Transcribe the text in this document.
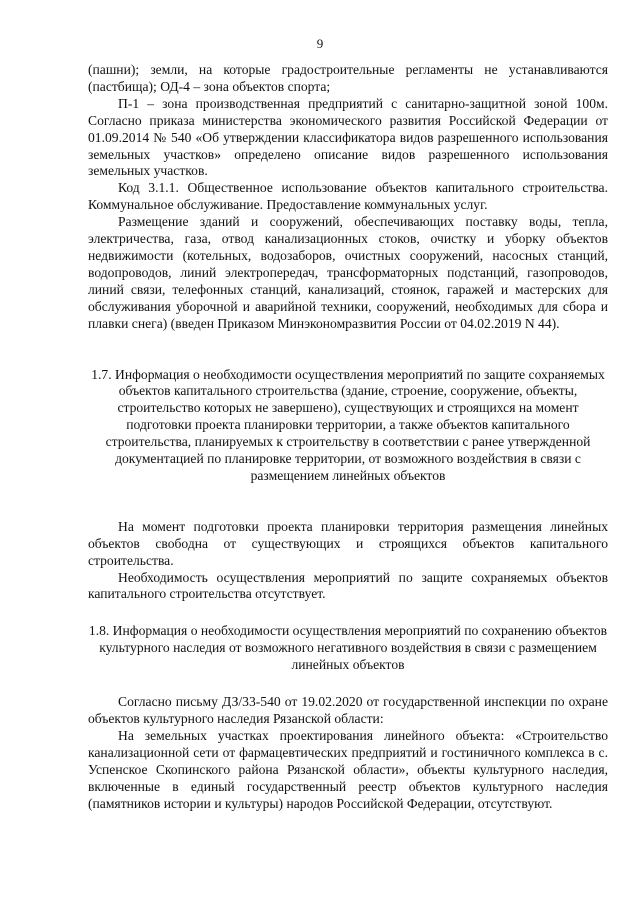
9

(пашни); земли, на которые градостроительные регламенты не устанавливаются (пастбища); ОД-4 – зона объектов спорта;

П-1 – зона производственная предприятий с санитарно-защитной зоной 100м. Согласно приказа министерства экономического развития Российской Федерации от 01.09.2014 № 540 «Об утверждении классификатора видов разрешенного использования земельных участков» определено описание видов разрешенного использования земельных участков.

Код 3.1.1. Общественное использование объектов капитального строительства. Коммунальное обслуживание. Предоставление коммунальных услуг.

Размещение зданий и сооружений, обеспечивающих поставку воды, тепла, электричества, газа, отвод канализационных стоков, очистку и уборку объектов недвижимости (котельных, водозаборов, очистных сооружений, насосных станций, водопроводов, линий электропередач, трансформаторных подстанций, газопроводов, линий связи, телефонных станций, канализаций, стоянок, гаражей и мастерских для обслуживания уборочной и аварийной техники, сооружений, необходимых для сбора и плавки снега) (введен Приказом Минэкономразвития России от 04.02.2019 N 44).

1.7. Информация о необходимости осуществления мероприятий по защите сохраняемых объектов капитального строительства (здание, строение, сооружение, объекты, строительство которых не завершено), существующих и строящихся на момент подготовки проекта планировки территории, а также объектов капитального строительства, планируемых к строительству в соответствии с ранее утвержденной документацией по планировке территории, от возможного воздействия в связи с размещением линейных объектов

На момент подготовки проекта планировки территория размещения линейных объектов свободна от существующих и строящихся объектов капитального строительства.

Необходимость осуществления мероприятий по защите сохраняемых объектов капитального строительства отсутствует.

1.8. Информация о необходимости осуществления мероприятий по сохранению объектов культурного наследия от возможного негативного воздействия в связи с размещением линейных объектов

Согласно письму ДЗ/33-540 от 19.02.2020 от государственной инспекции по охране объектов культурного наследия Рязанской области:

На земельных участках проектирования линейного объекта: «Строительство канализационной сети от фармацевтических предприятий и гостиничного комплекса в с. Успенское Скопинского района Рязанской области», объекты культурного наследия, включенные в единый государственный реестр объектов культурного наследия (памятников истории и культуры) народов Российской Федерации, отсутствуют.
